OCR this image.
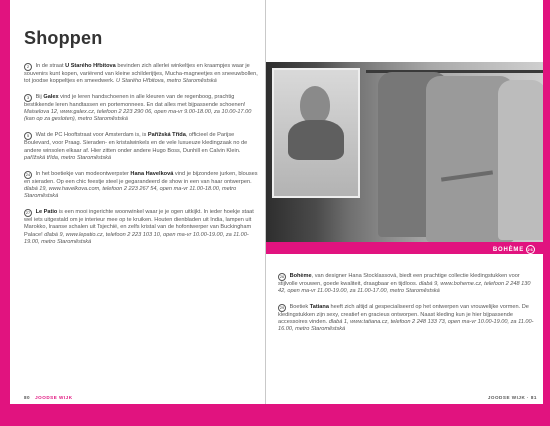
Shoppen

2 In de straat U Starého Hřbitova bevinden zich allerlei winkeltjes en kraampjes waar je souvenirs kunt kopen, variërend van kleine schilderijtjes, Mucha-magneetjes en sneeuwbollen, tot joodse koppeltjes en smeedwerk. U Starého Hřbitova, metro Staroměstská

3 Bij Galex vind je leren handschoenen in alle kleuren van de regenboog, prachtig bestikkende leren handtassen en portemonnees. En dat alles met bijpassende schoenen! Maiselova 12, www.galex.cz, telefoon 2 223 290 06, open ma-vr 9.00-18.00, za 10.00-17.00 (kan op za gesloten), metro Staroměstská

5 Wat de PC Hooftstraat voor Amsterdam is, is Pařížská Třída, officieel de Parijse Boulevard, voor Praag. Sieraden- en kristalwinkels en de vele luxueuze kledingzaak no de andere winsolen elkaar af. Hier zitten onder andere Hugo Boss, Dunhill en Calvin Klein. pařížská třída, metro Staroměstská

24 In het boetiekje van modeontwerpster Hana Havelková vind je bijzondere jurken, blouses en sieraden. Op een chic feestje steel je gegarandeerd de show in een van haar ontwerpen. dlabá 19, www.havelkova.com, telefoon 2 223 267 54, open ma-vr 11.00-18.00, metro Staroměstská

27 Le Patio is een mooi ingerichte woonwinkel waar je je ogen uitkijkt. In ieder hoekje staat wel iets uitgestald om je interieur mee op te kruiken. Houten dienbladen uit India, lampen uit Marokko, Iraanse schalen uit Tsjechië, en zelfs kristal van de hofontwerper van Buckingham Palace! dlabá 9, www.lepatio.cz, telefoon 2 223 103 10, open ma-vr 10.00-19.00, za 11.00-19.00, metro Staroměstská

80 JOODSE WIJK
BOHÈME 26

26 Bohème, van designer Hana Stocklassová, biedt een prachtige collectie kledingstukken voor stijlvolle vrouwen, goede kwaliteit, draagbaar en tijdloos. dlabá 9, www.boheme.cz, telefoon 2 248 130 42, open ma-vr 11.00-19.00, za 11.00-17.00, metro Staroměstská

29 Boetiek Tatiana heeft zich altijd al gespecialiseerd op het ontwerpen van vrouwelijke vormen. De kledingstukken zijn sexy, creatief en gracieus ontworpen. Naast kleding kun je hier bijpassende accessoires vinden. dlabá 1, www.tatiana.cz, telefoon 2 248 133 73, open ma-vr 10.00-19.00, za 11.00-16.00, metro Staroměstská

JOODSE WIJK · 81
